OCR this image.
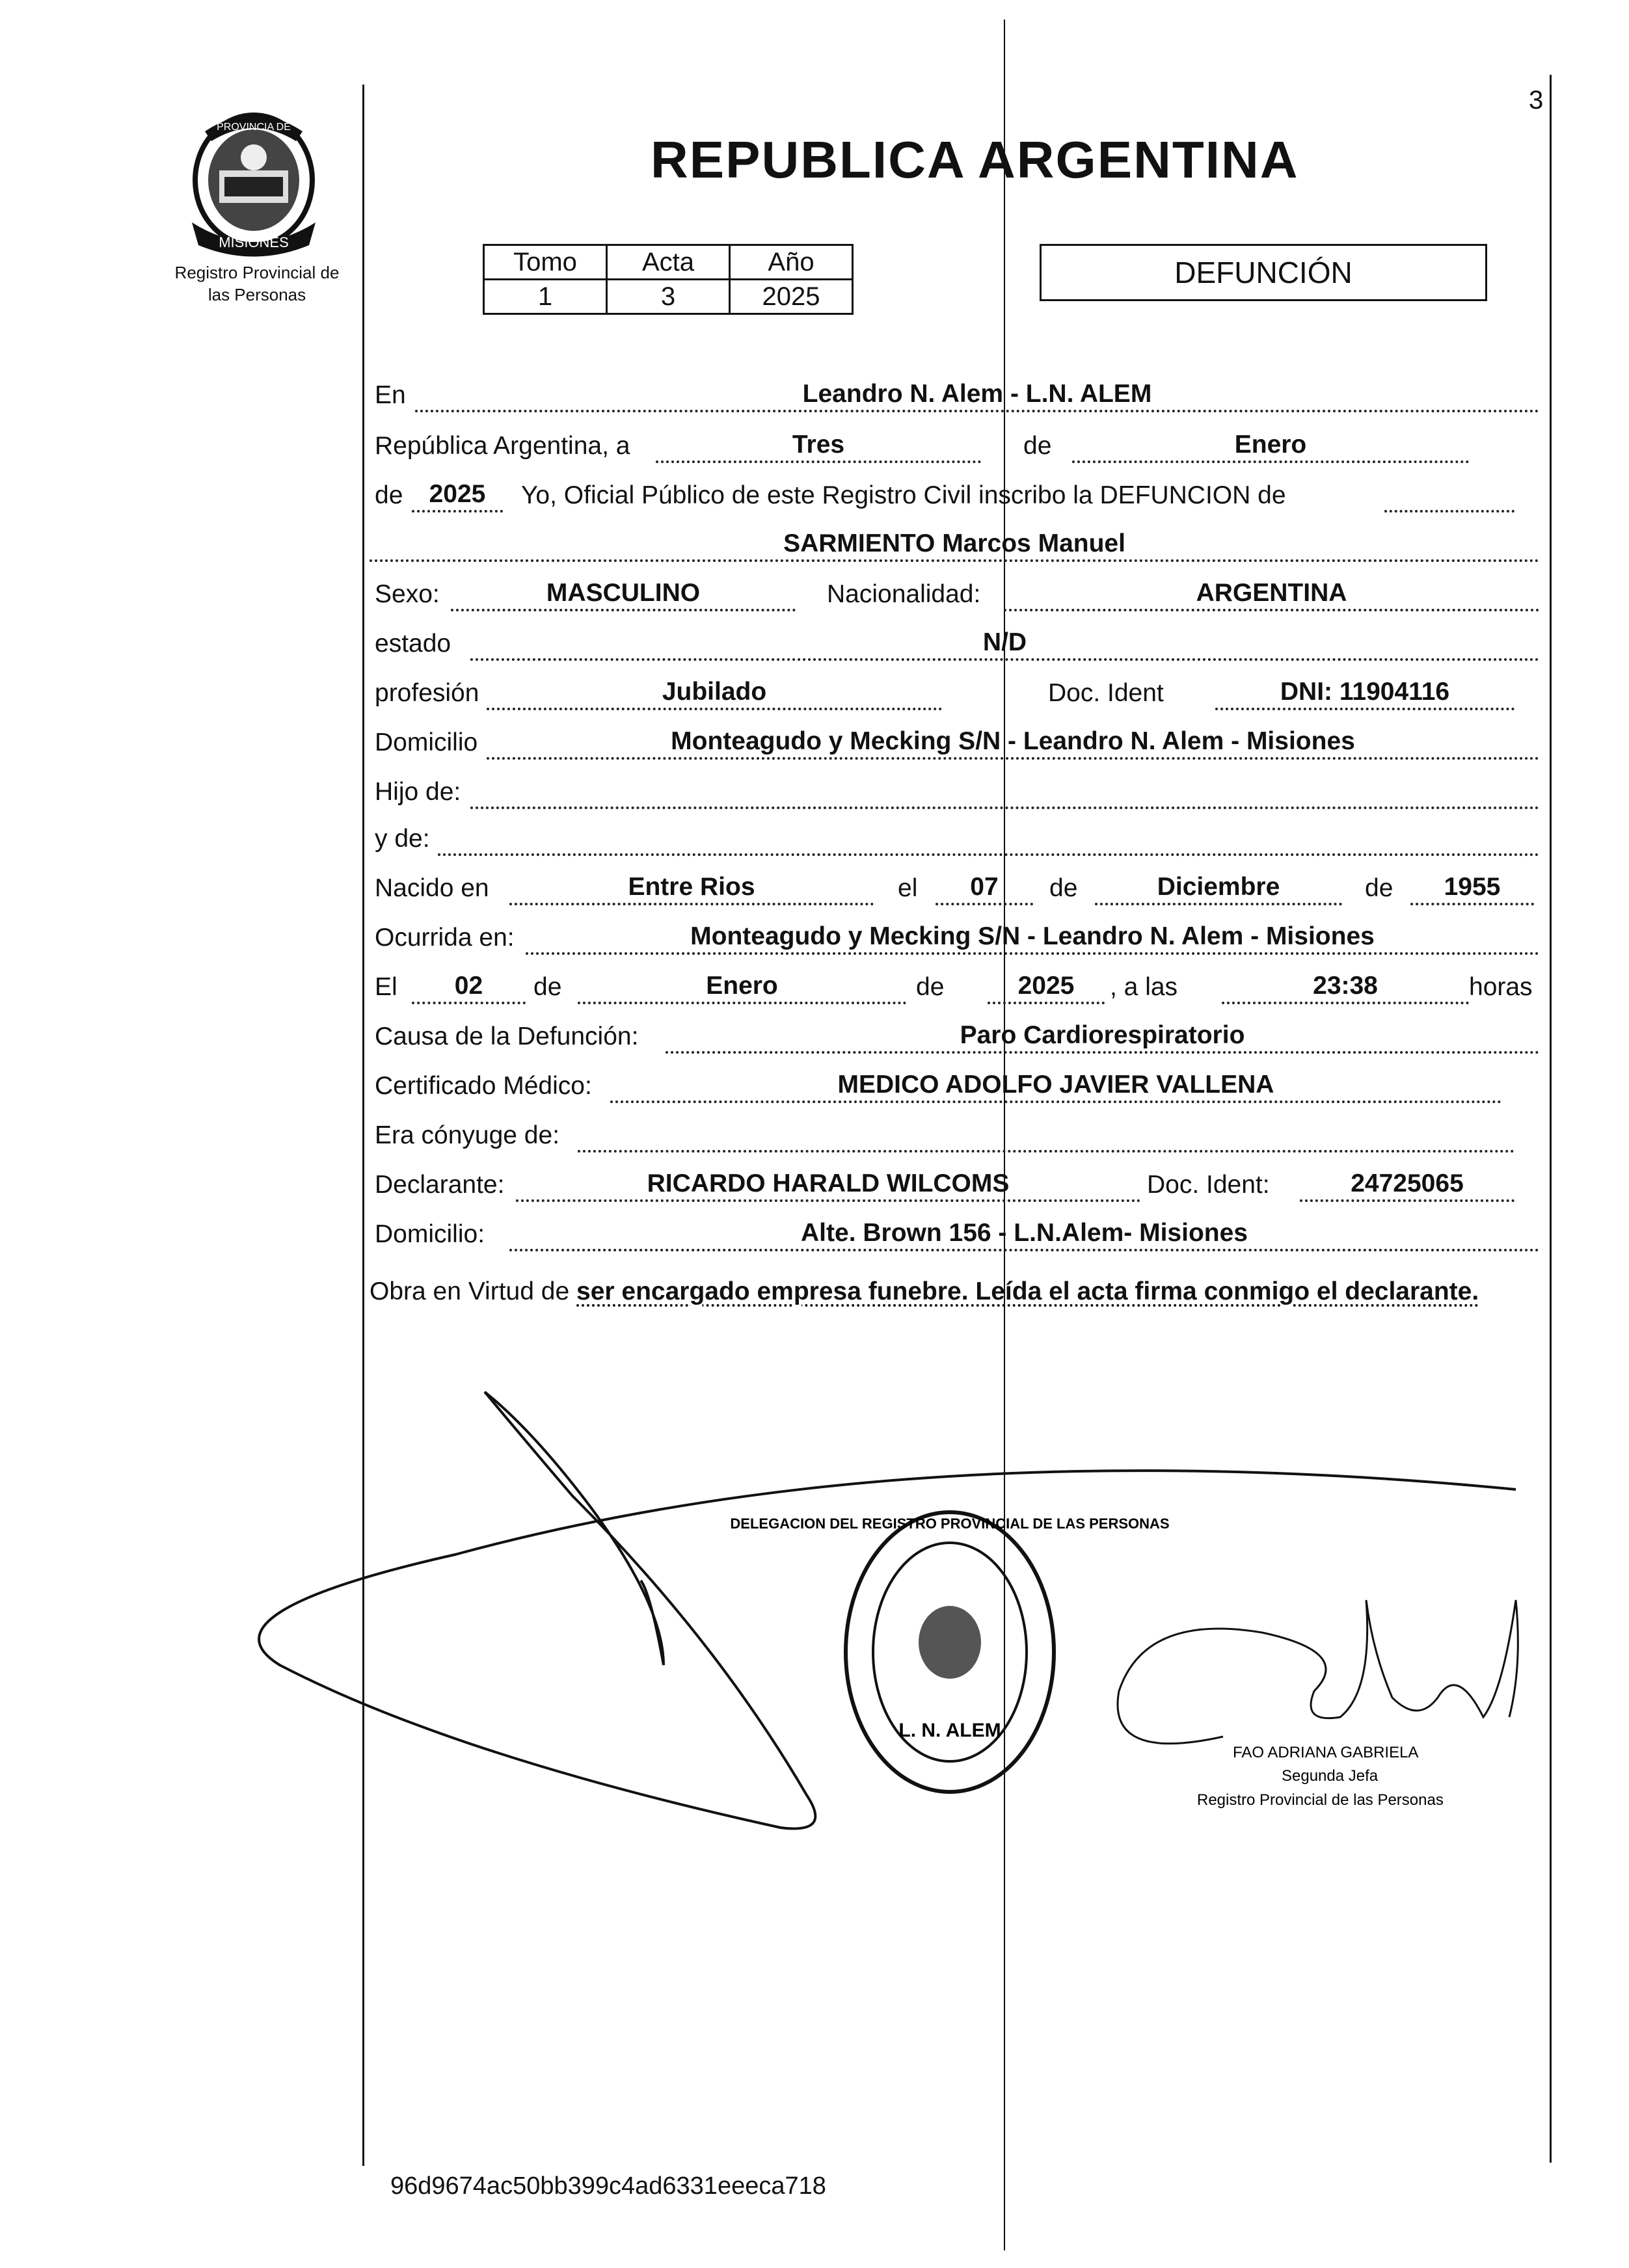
3
PROVINCIA DE
MISIONES
Registro Provincial de
las Personas
REPUBLICA ARGENTINA
Tomo	Acta	Año
1	3	2025
DEFUNCIÓN
En	Leandro N. Alem - L.N. ALEM
República Argentina, a	Tres	de	Enero
de	2025	Yo, Oficial Público de este Registro Civil inscribo la DEFUNCION de
SARMIENTO Marcos Manuel
Sexo:	MASCULINO	Nacionalidad:	ARGENTINA
estado	N/D
profesión	Jubilado	Doc. Ident	DNI: 11904116
Domicilio	Monteagudo y Mecking S/N - Leandro N. Alem - Misiones
Hijo de:
y de:
Nacido en	Entre Rios	el	07	de	Diciembre	de	1955
Ocurrida en:	Monteagudo y Mecking S/N - Leandro N. Alem - Misiones
El	02	de	Enero	de	2025	, a las	23:38	horas
Causa de la Defunción:	Paro Cardiorespiratorio
Certificado Médico:	MEDICO ADOLFO JAVIER VALLENA
Era cónyuge de:
Declarante:	RICARDO HARALD WILCOMS	Doc. Ident:	24725065
Domicilio:	Alte. Brown 156 - L.N.Alem- Misiones
Obra en Virtud de ser encargado empresa funebre. Leída el acta firma conmigo el declarante.
FAO ADRIANA GABRIELA
Segunda Jefa
Registro Provincial de las Personas
DELEGACION DEL REGISTRO PROVINCIAL DE LAS PERSONAS
L. N. ALEM
96d9674ac50bb399c4ad6331eeeca718
